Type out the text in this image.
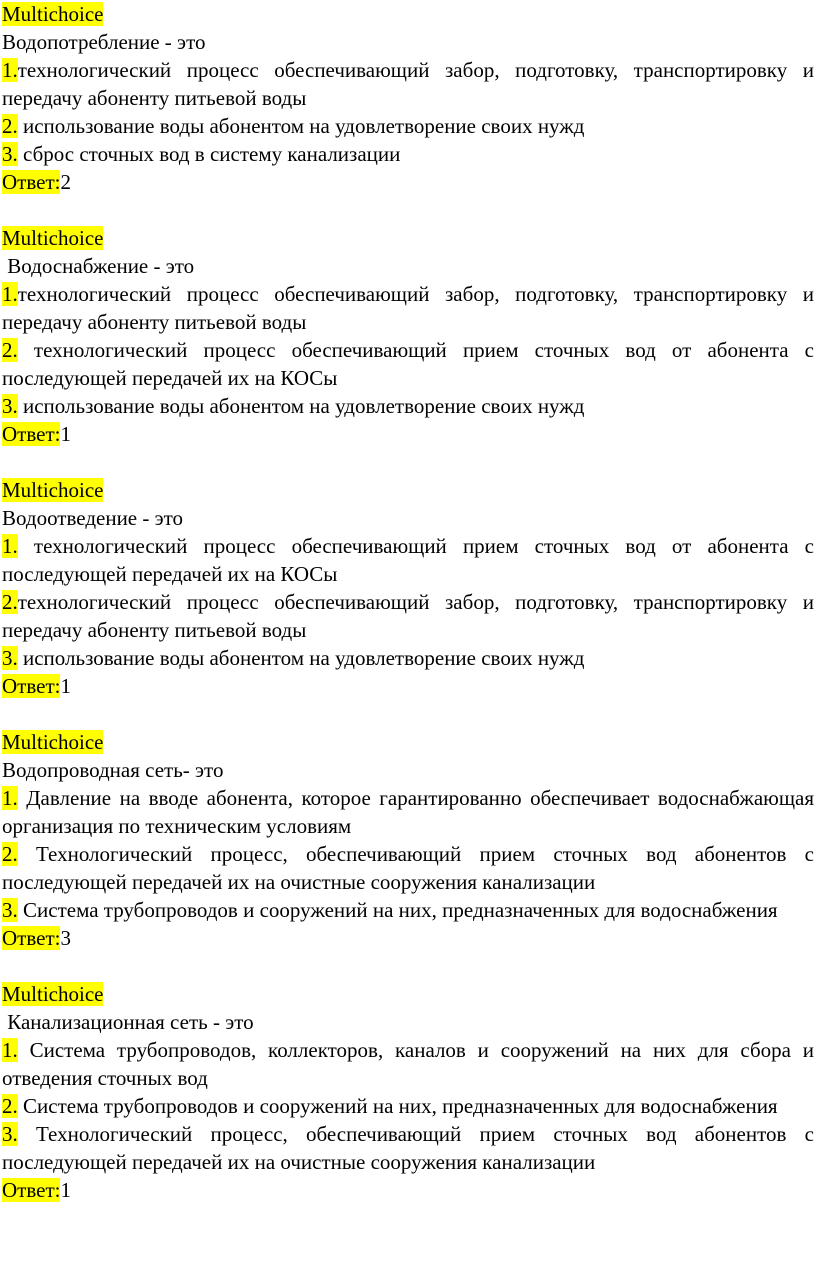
Multichoice
Водопотребление - это
1.технологический процесс обеспечивающий забор, подготовку, транспортировку и передачу абоненту питьевой воды
2. использование воды абонентом на удовлетворение своих нужд
3. сброс сточных вод в систему канализации
Ответ:2
Multichoice
Водоснабжение - это
1.технологический процесс обеспечивающий забор, подготовку, транспортировку и передачу абоненту питьевой воды
2. технологический процесс обеспечивающий прием сточных вод от абонента с последующей передачей их на КОСы
3. использование воды абонентом на удовлетворение своих нужд
Ответ:1
Multichoice
Водоотведение - это
1. технологический процесс обеспечивающий прием сточных вод от абонента с последующей передачей их на КОСы
2.технологический процесс обеспечивающий забор, подготовку, транспортировку и передачу абоненту питьевой воды
3. использование воды абонентом на удовлетворение своих нужд
Ответ:1
Multichoice
Водопроводная сеть- это
1. Давление на вводе абонента, которое гарантированно обеспечивает водоснабжающая организация по техническим условиям
2. Технологический процесс, обеспечивающий прием сточных вод абонентов с последующей передачей их на очистные сооружения канализации
3. Система трубопроводов и сооружений на них, предназначенных для водоснабжения
Ответ:3
Multichoice
Канализационная сеть - это
1. Система трубопроводов, коллекторов, каналов и сооружений на них для сбора и отведения сточных вод
2. Система трубопроводов и сооружений на них, предназначенных для водоснабжения
3. Технологический процесс, обеспечивающий прием сточных вод абонентов с последующей передачей их на очистные сооружения канализации
Ответ:1
